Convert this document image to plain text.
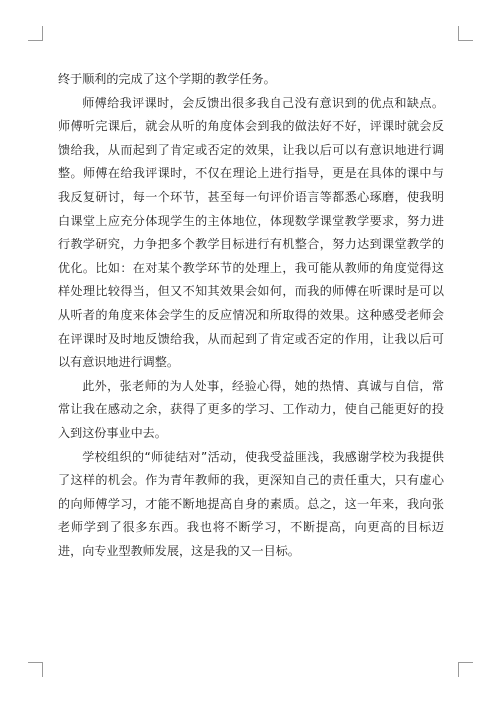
终于顺利的完成了这个学期的教学任务。

师傅给我评课时，会反馈出很多我自己没有意识到的优点和缺点。师傅听完课后，就会从听的角度体会到我的做法好不好，评课时就会反馈给我，从而起到了肯定或否定的效果，让我以后可以有意识地进行调整。师傅在给我评课时，不仅在理论上进行指导，更是在具体的课中与我反复研讨，每一个环节，甚至每一句评价语言等都悉心琢磨，使我明白课堂上应充分体现学生的主体地位，体现数学课堂教学要求，努力进行教学研究，力争把多个教学目标进行有机整合，努力达到课堂教学的优化。比如：在对某个教学环节的处理上，我可能从教师的角度觉得这样处理比较得当，但又不知其效果会如何，而我的师傅在听课时是可以从听者的角度来体会学生的反应情况和所取得的效果。这种感受老师会在评课时及时地反馈给我，从而起到了肯定或否定的作用，让我以后可以有意识地进行调整。

此外，张老师的为人处事，经验心得，她的热情、真诚与自信，常常让我在感动之余，获得了更多的学习、工作动力，使自己能更好的投入到这份事业中去。

学校组织的“师徒结对”活动，使我受益匪浅，我感谢学校为我提供了这样的机会。作为青年教师的我，更深知自己的责任重大，只有虚心的向师傅学习，才能不断地提高自身的素质。总之，这一年来，我向张老师学到了很多东西。我也将不断学习，不断提高，向更高的目标迈进，向专业型教师发展，这是我的又一目标。
